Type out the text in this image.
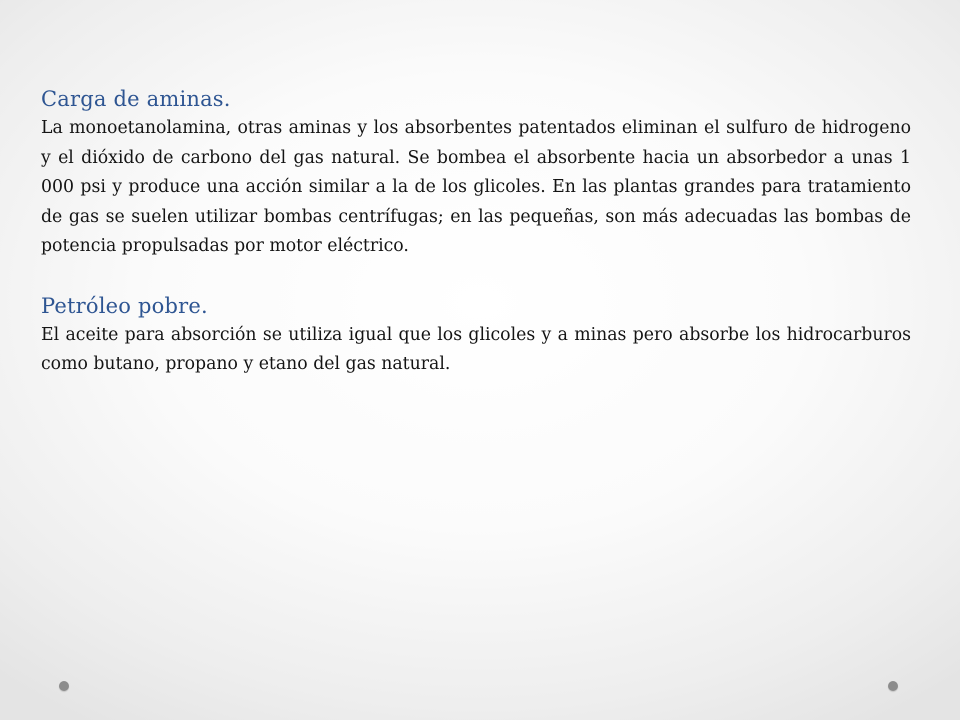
Carga de aminas.

La monoetanolamina, otras aminas y los absorbentes patentados eliminan el sulfuro de hidrogeno y el dióxido de carbono del gas natural. Se bombea el absorbente hacia un absorbedor a unas 1 000 psi y produce una acción similar a la de los glicoles. En las plantas grandes para tratamiento de gas se suelen utilizar bombas centrífugas; en las pequeñas, son más adecuadas las bombas de potencia propulsadas por motor eléctrico.

Petróleo pobre.

El aceite para absorción se utiliza igual que los glicoles y a minas pero absorbe los hidrocarburos como butano, propano y etano del gas natural.
